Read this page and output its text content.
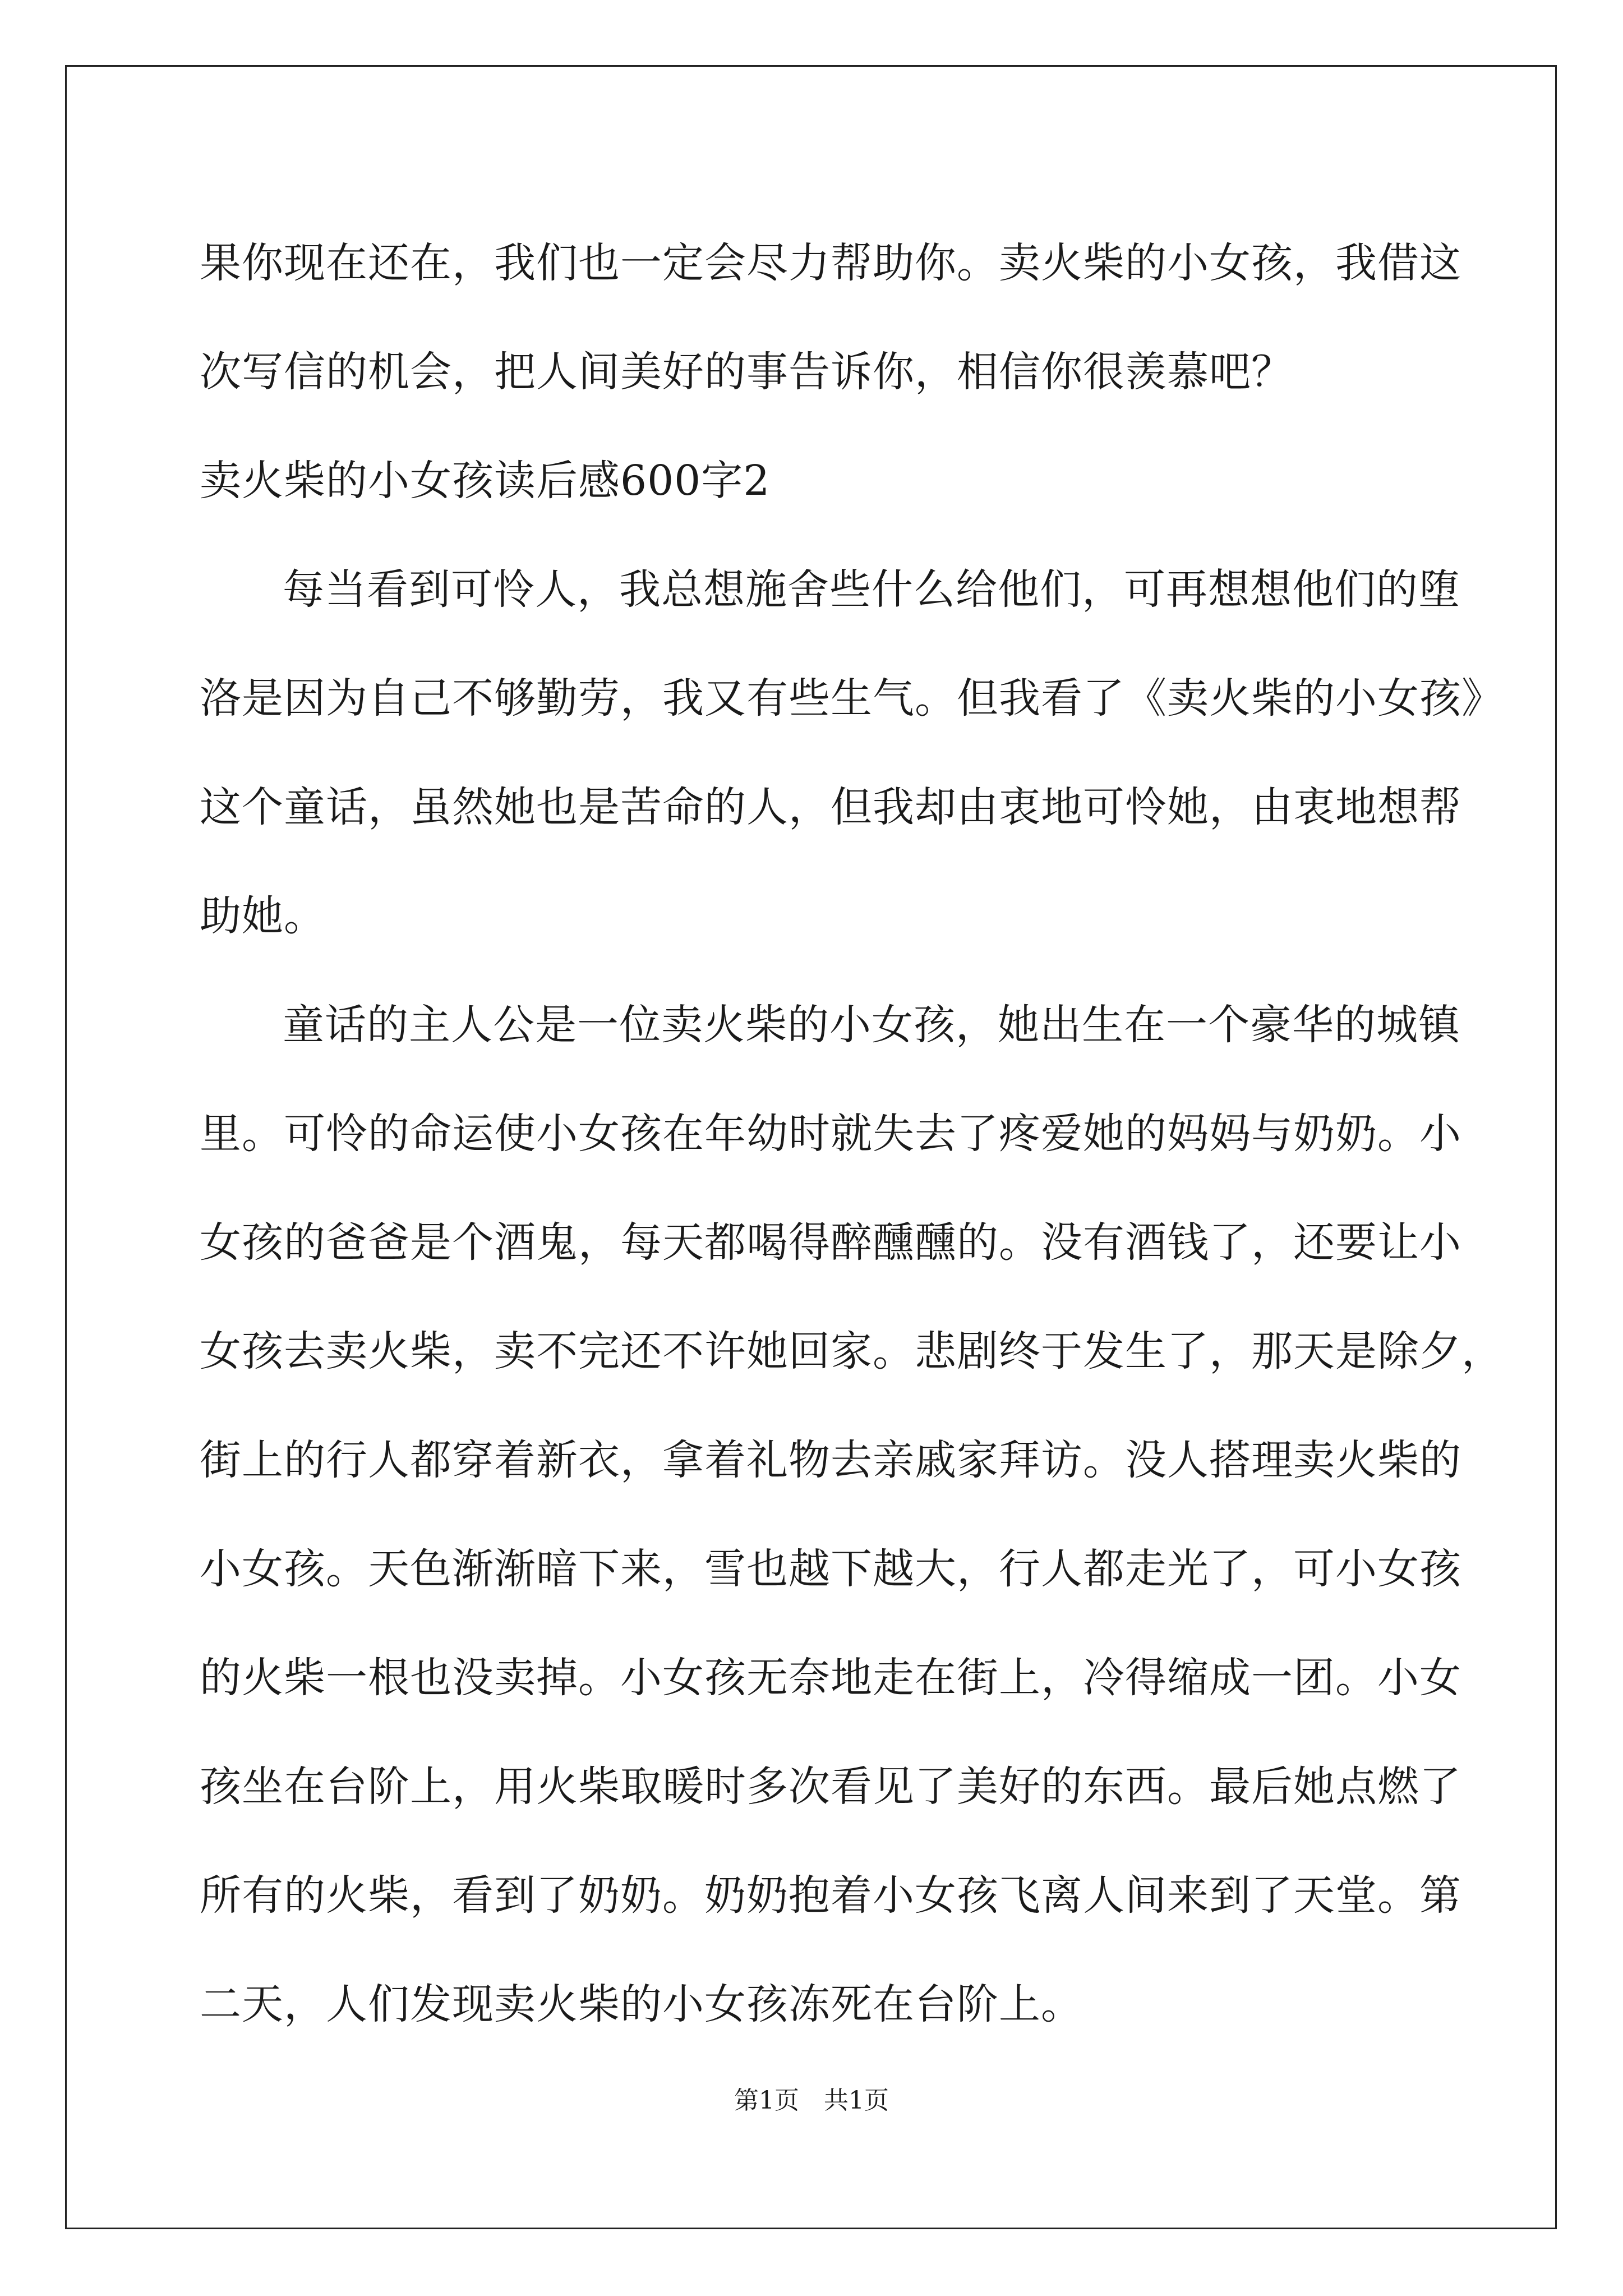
果你现在还在，我们也一定会尽力帮助你。卖火柴的小女孩，我借这
次写信的机会，把人间美好的事告诉你，相信你很羡慕吧？
卖火柴的小女孩读后感600字2
每当看到可怜人，我总想施舍些什么给他们，可再想想他们的堕
洛是因为自己不够勤劳，我又有些生气。但我看了《卖火柴的小女孩》
这个童话，虽然她也是苦命的人，但我却由衷地可怜她，由衷地想帮
助她。
童话的主人公是一位卖火柴的小女孩，她出生在一个豪华的城镇
里。可怜的命运使小女孩在年幼时就失去了疼爱她的妈妈与奶奶。小
女孩的爸爸是个酒鬼，每天都喝得醉醺醺的。没有酒钱了，还要让小
女孩去卖火柴，卖不完还不许她回家。悲剧终于发生了，那天是除夕，
街上的行人都穿着新衣，拿着礼物去亲戚家拜访。没人搭理卖火柴的
小女孩。天色渐渐暗下来，雪也越下越大，行人都走光了，可小女孩
的火柴一根也没卖掉。小女孩无奈地走在街上，冷得缩成一团。小女
孩坐在台阶上，用火柴取暖时多次看见了美好的东西。最后她点燃了
所有的火柴，看到了奶奶。奶奶抱着小女孩飞离人间来到了天堂。第
二天，人们发现卖火柴的小女孩冻死在台阶上。
第1页　共1页
